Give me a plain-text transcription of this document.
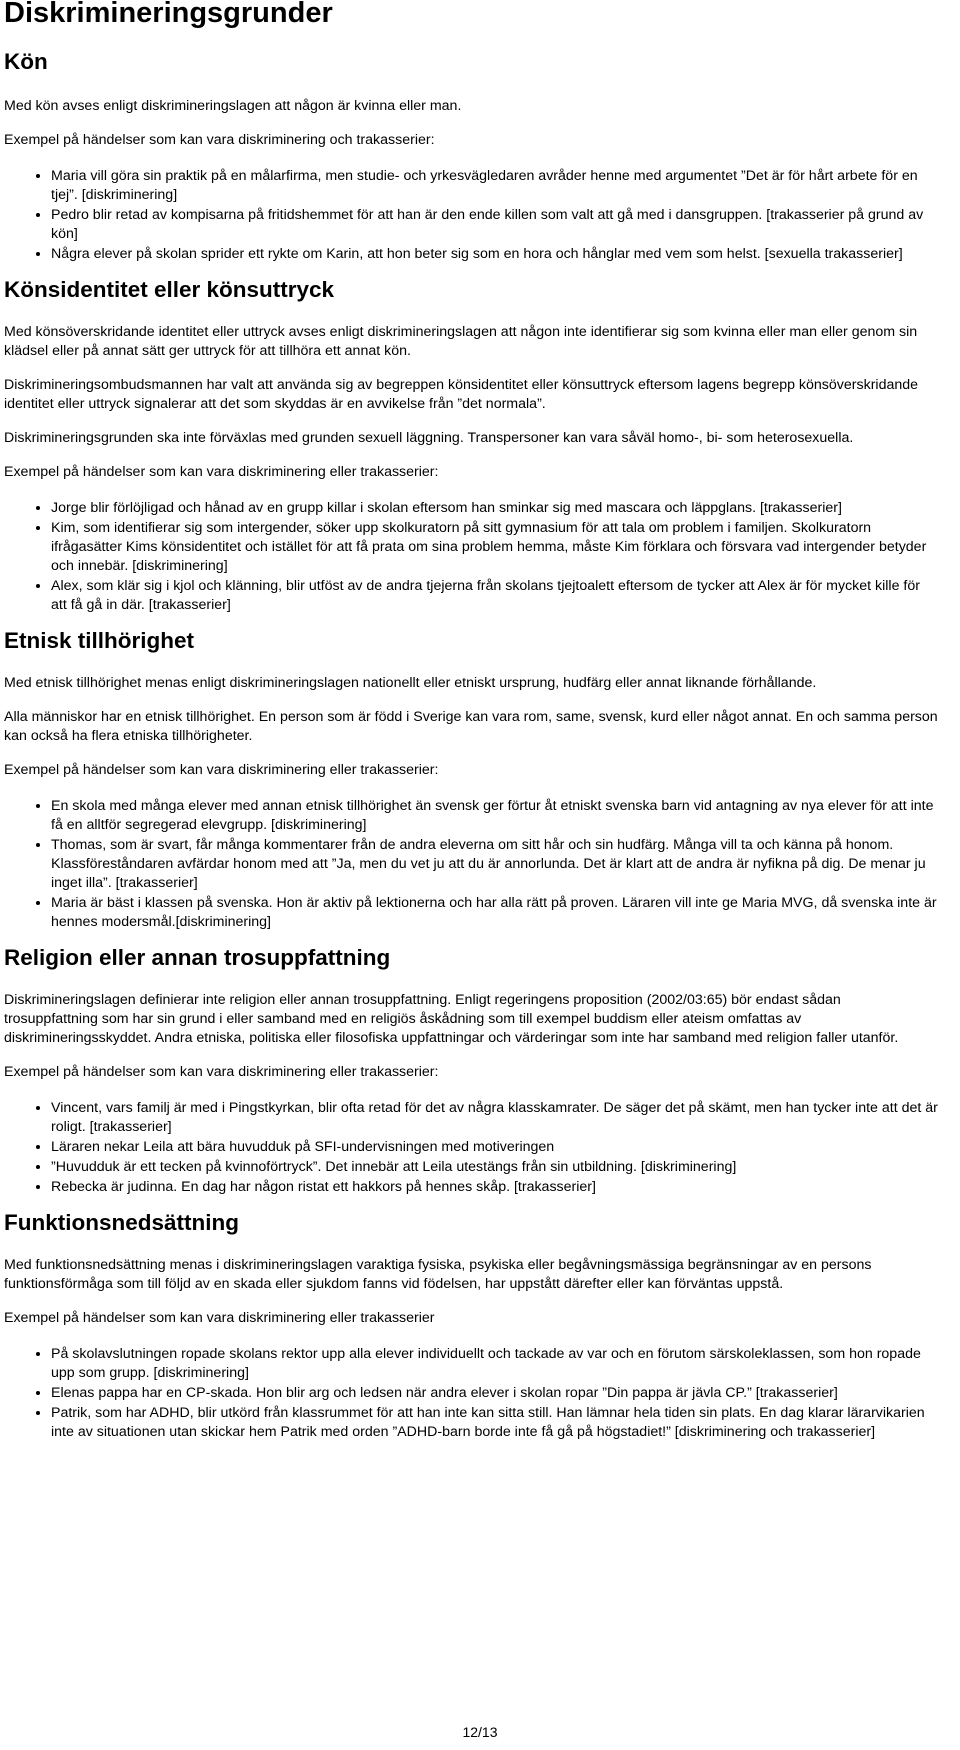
Diskrimineringsgrunder
Kön

Med kön avses enligt diskrimineringslagen att någon är kvinna eller man.

Exempel på händelser som kan vara diskriminering och trakasserier:

• Maria vill göra sin praktik på en målarfirma, men studie- och yrkesvägledaren avråder henne med argumentet ”Det är för hårt arbete för en tjej”. [diskriminering]
• Pedro blir retad av kompisarna på fritidshemmet för att han är den ende killen som valt att gå med i dansgruppen. [trakasserier på grund av kön]
• Några elever på skolan sprider ett rykte om Karin, att hon beter sig som en hora och hånglar med vem som helst. [sexuella trakasserier]
Könsidentitet eller könsuttryck

Med könsöverskridande identitet eller uttryck avses enligt diskrimineringslagen att någon inte identifierar sig som kvinna eller man eller genom sin klädsel eller på annat sätt ger uttryck för att tillhöra ett annat kön.

Diskrimineringsombudsmannen har valt att använda sig av begreppen könsidentitet eller könsuttryck eftersom lagens begrepp könsöverskridande identitet eller uttryck signalerar att det som skyddas är en avvikelse från ”det normala”.

Diskrimineringsgrunden ska inte förväxlas med grunden sexuell läggning. Transpersoner kan vara såväl homo-, bi- som heterosexuella.

Exempel på händelser som kan vara diskriminering eller trakasserier:

• Jorge blir förlöjligad och hånad av en grupp killar i skolan eftersom han sminkar sig med mascara och läppglans. [trakasserier]
• Kim, som identifierar sig som intergender, söker upp skolkuratorn på sitt gymnasium för att tala om problem i familjen. Skolkuratorn ifrågasätter Kims könsidentitet och istället för att få prata om sina problem hemma, måste Kim förklara och försvara vad intergender betyder och innebär. [diskriminering]
• Alex, som klär sig i kjol och klänning, blir utföst av de andra tjejerna från skolans tjejtoalett eftersom de tycker att Alex är för mycket kille för att få gå in där. [trakasserier]
Etnisk tillhörighet

Med etnisk tillhörighet menas enligt diskrimineringslagen nationellt eller etniskt ursprung, hudfärg eller annat liknande förhållande.

Alla människor har en etnisk tillhörighet. En person som är född i Sverige kan vara rom, same, svensk, kurd eller något annat. En och samma person kan också ha flera etniska tillhörigheter.

Exempel på händelser som kan vara diskriminering eller trakasserier:

• En skola med många elever med annan etnisk tillhörighet än svensk ger förtur åt etniskt svenska barn vid antagning av nya elever för att inte få en alltför segregerad elevgrupp. [diskriminering]
• Thomas, som är svart, får många kommentarer från de andra eleverna om sitt hår och sin hudfärg. Många vill ta och känna på honom. Klassföreståndaren avfärdar honom med att ”Ja, men du vet ju att du är annorlunda. Det är klart att de andra är nyfikna på dig. De menar ju inget illa”. [trakasserier]
• Maria är bäst i klassen på svenska. Hon är aktiv på lektionerna och har alla rätt på proven. Läraren vill inte ge Maria MVG, då svenska inte är hennes modersmål.[diskriminering]
Religion eller annan trosuppfattning

Diskrimineringslagen definierar inte religion eller annan trosuppfattning. Enligt regeringens proposition (2002/03:65) bör endast sådan trosuppfattning som har sin grund i eller samband med en religiös åskådning som till exempel buddism eller ateism omfattas av diskrimineringsskyddet. Andra etniska, politiska eller filosofiska uppfattningar och värderingar som inte har samband med religion faller utanför.

Exempel på händelser som kan vara diskriminering eller trakasserier:

• Vincent, vars familj är med i Pingstkyrkan, blir ofta retad för det av några klasskamrater. De säger det på skämt, men han tycker inte att det är roligt. [trakasserier]
• Läraren nekar Leila att bära huvudduk på SFI-undervisningen med motiveringen
• ”Huvudduk är ett tecken på kvinnoförtryck”. Det innebär att Leila utestängs från sin utbildning. [diskriminering]
• Rebecka är judinna. En dag har någon ristat ett hakkors på hennes skåp. [trakasserier]
Funktionsnedsättning

Med funktionsnedsättning menas i diskrimineringslagen varaktiga fysiska, psykiska eller begåvningsmässiga begränsningar av en persons funktionsförmåga som till följd av en skada eller sjukdom fanns vid födelsen, har uppstått därefter eller kan förväntas uppstå.

Exempel på händelser som kan vara diskriminering eller trakasserier

• På skolavslutningen ropade skolans rektor upp alla elever individuellt och tackade av var och en förutom särskoleklassen, som hon ropade upp som grupp. [diskriminering]
• Elenas pappa har en CP-skada. Hon blir arg och ledsen när andra elever i skolan ropar ”Din pappa är jävla CP.” [trakasserier]
• Patrik, som har ADHD, blir utkörd från klassrummet för att han inte kan sitta still. Han lämnar hela tiden sin plats. En dag klarar lärarvikarien inte av situationen utan skickar hem Patrik med orden ”ADHD-barn borde inte få gå på högstadiet!” [diskriminering och trakasserier]
12/13
